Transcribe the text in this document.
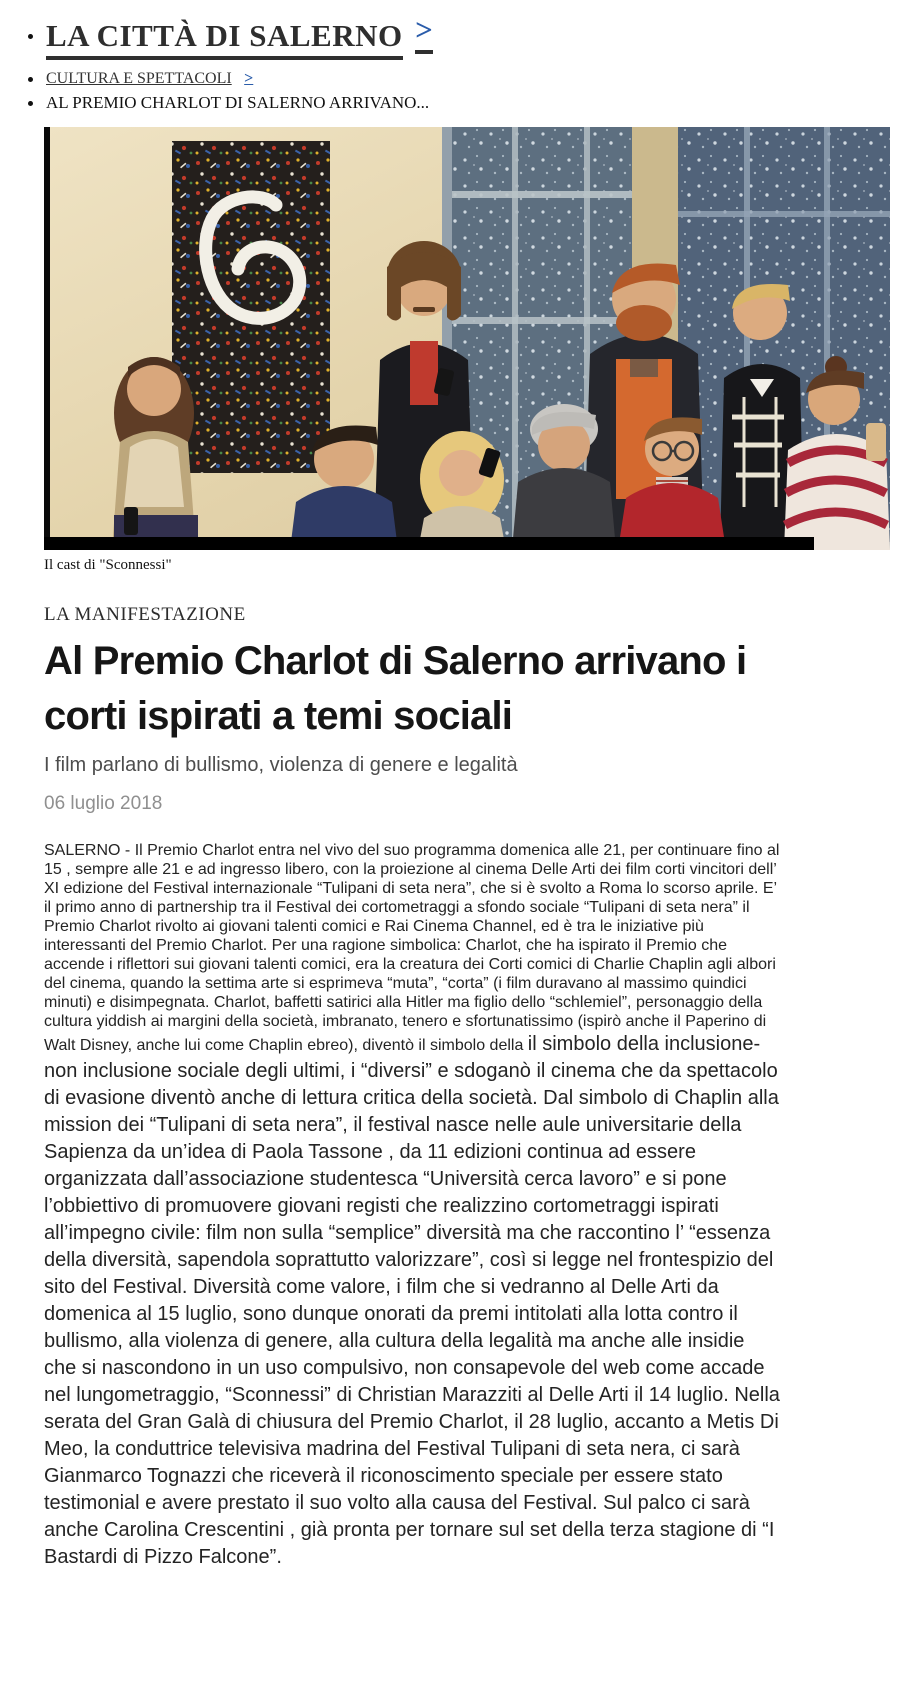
LA CITTÀ DI SALERNO >
CULTURA E SPETTACOLI >
AL PREMIO CHARLOT DI SALERNO ARRIVANO...
Il cast di "Sconnessi"
LA MANIFESTAZIONE
Al Premio Charlot di Salerno arrivano i corti ispirati a temi sociali
I film parlano di bullismo, violenza di genere e legalità
06 luglio 2018

SALERNO - Il Premio Charlot entra nel vivo del suo programma domenica alle 21, per continuare fino al 15 , sempre alle 21 e ad ingresso libero, con la proiezione al cinema Delle Arti dei film corti vincitori dell’ XI edizione del Festival internazionale “Tulipani di seta nera”, che si è svolto a Roma lo scorso aprile. E’ il primo anno di partnership tra il Festival dei cortometraggi a sfondo sociale “Tulipani di seta nera” il Premio Charlot rivolto ai giovani talenti comici e Rai Cinema Channel, ed è tra le iniziative più interessanti del Premio Charlot. Per una ragione simbolica: Charlot, che ha ispirato il Premio che accende i riflettori sui giovani talenti comici, era la creatura dei Corti comici di Charlie Chaplin agli albori del cinema, quando la settima arte si esprimeva “muta”, “corta” (i film duravano al massimo quindici minuti) e disimpegnata. Charlot, baffetti satirici alla Hitler ma figlio dello “schlemiel”, personaggio della cultura yiddish ai margini della società, imbranato, tenero e sfortunatissimo (ispirò anche il Paperino di Walt Disney, anche lui come Chaplin ebreo), diventò il simbolo della il simbolo della inclusione- non inclusione sociale degli ultimi, i “diversi” e sdoganò il cinema che da spettacolo di evasione diventò anche di lettura critica della società. Dal simbolo di Chaplin alla mission dei “Tulipani di seta nera”, il festival nasce nelle aule universitarie della Sapienza da un’idea di Paola Tassone , da 11 edizioni continua ad essere organizzata dall’associazione studentesca “Università cerca lavoro” e si pone l’obbiettivo di promuovere giovani registi che realizzino cortometraggi ispirati all’impegno civile: film non sulla “semplice” diversità ma che raccontino l’ “essenza della diversità, sapendola soprattutto valorizzare”, così si legge nel frontespizio del sito del Festival. Diversità come valore, i film che si vedranno al Delle Arti da domenica al 15 luglio, sono dunque onorati da premi intitolati alla lotta contro il bullismo, alla violenza di genere, alla cultura della legalità ma anche alle insidie che si nascondono in un uso compulsivo, non consapevole del web come accade nel lungometraggio, “Sconnessi” di Christian Marazziti al Delle Arti il 14 luglio. Nella serata del Gran Galà di chiusura del Premio Charlot, il 28 luglio, accanto a Metis Di Meo, la conduttrice televisiva madrina del Festival Tulipani di seta nera, ci sarà Gianmarco Tognazzi che riceverà il riconoscimento speciale per essere stato testimonial e avere prestato il suo volto alla causa del Festival. Sul palco ci sarà anche Carolina Crescentini , già pronta per tornare sul set della terza stagione di “I Bastardi di Pizzo Falcone”.
